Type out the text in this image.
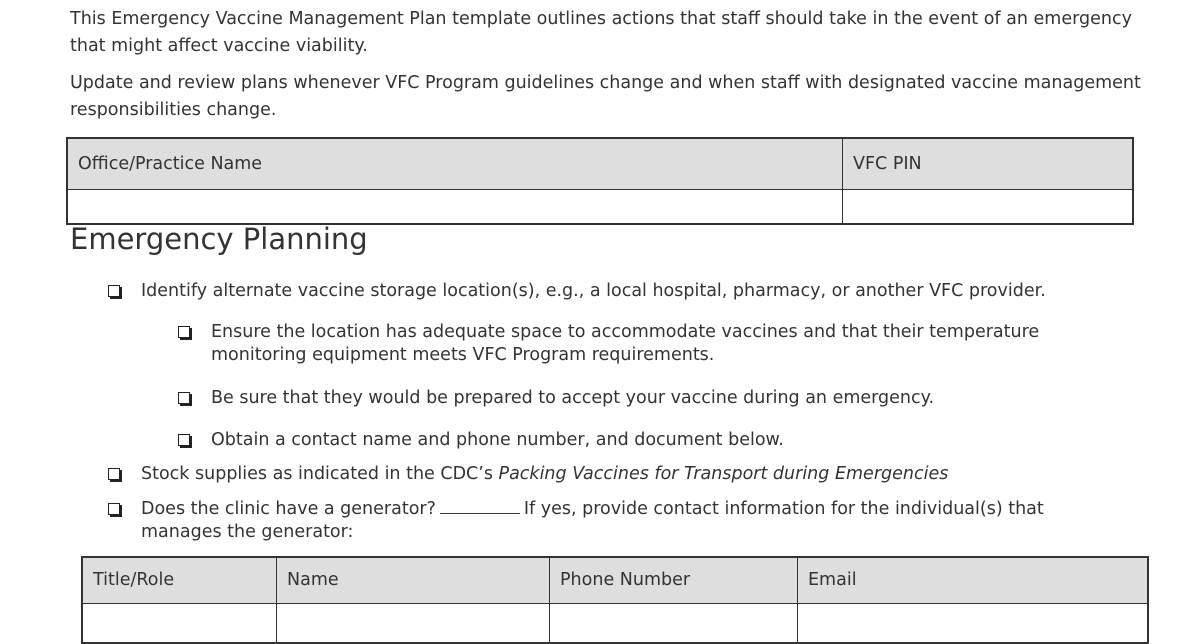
This Emergency Vaccine Management Plan template outlines actions that staff should take in the event of an emergency that might affect vaccine viability.

Update and review plans whenever VFC Program guidelines change and when staff with designated vaccine management responsibilities change.

Office/Practice Name	VFC PIN

Emergency Planning
Identify alternate vaccine storage location(s), e.g., a local hospital, pharmacy, or another VFC provider.
Ensure the location has adequate space to accommodate vaccines and that their temperature
monitoring equipment meets VFC Program requirements.
Be sure that they would be prepared to accept your vaccine during an emergency.
Obtain a contact name and phone number, and document below.
Stock supplies as indicated in the CDC’s Packing Vaccines for Transport during Emergencies
Does the clinic have a generator?	If yes, provide contact information for the individual(s) that
manages the generator:
Title/Role	Name	Phone Number	Email
